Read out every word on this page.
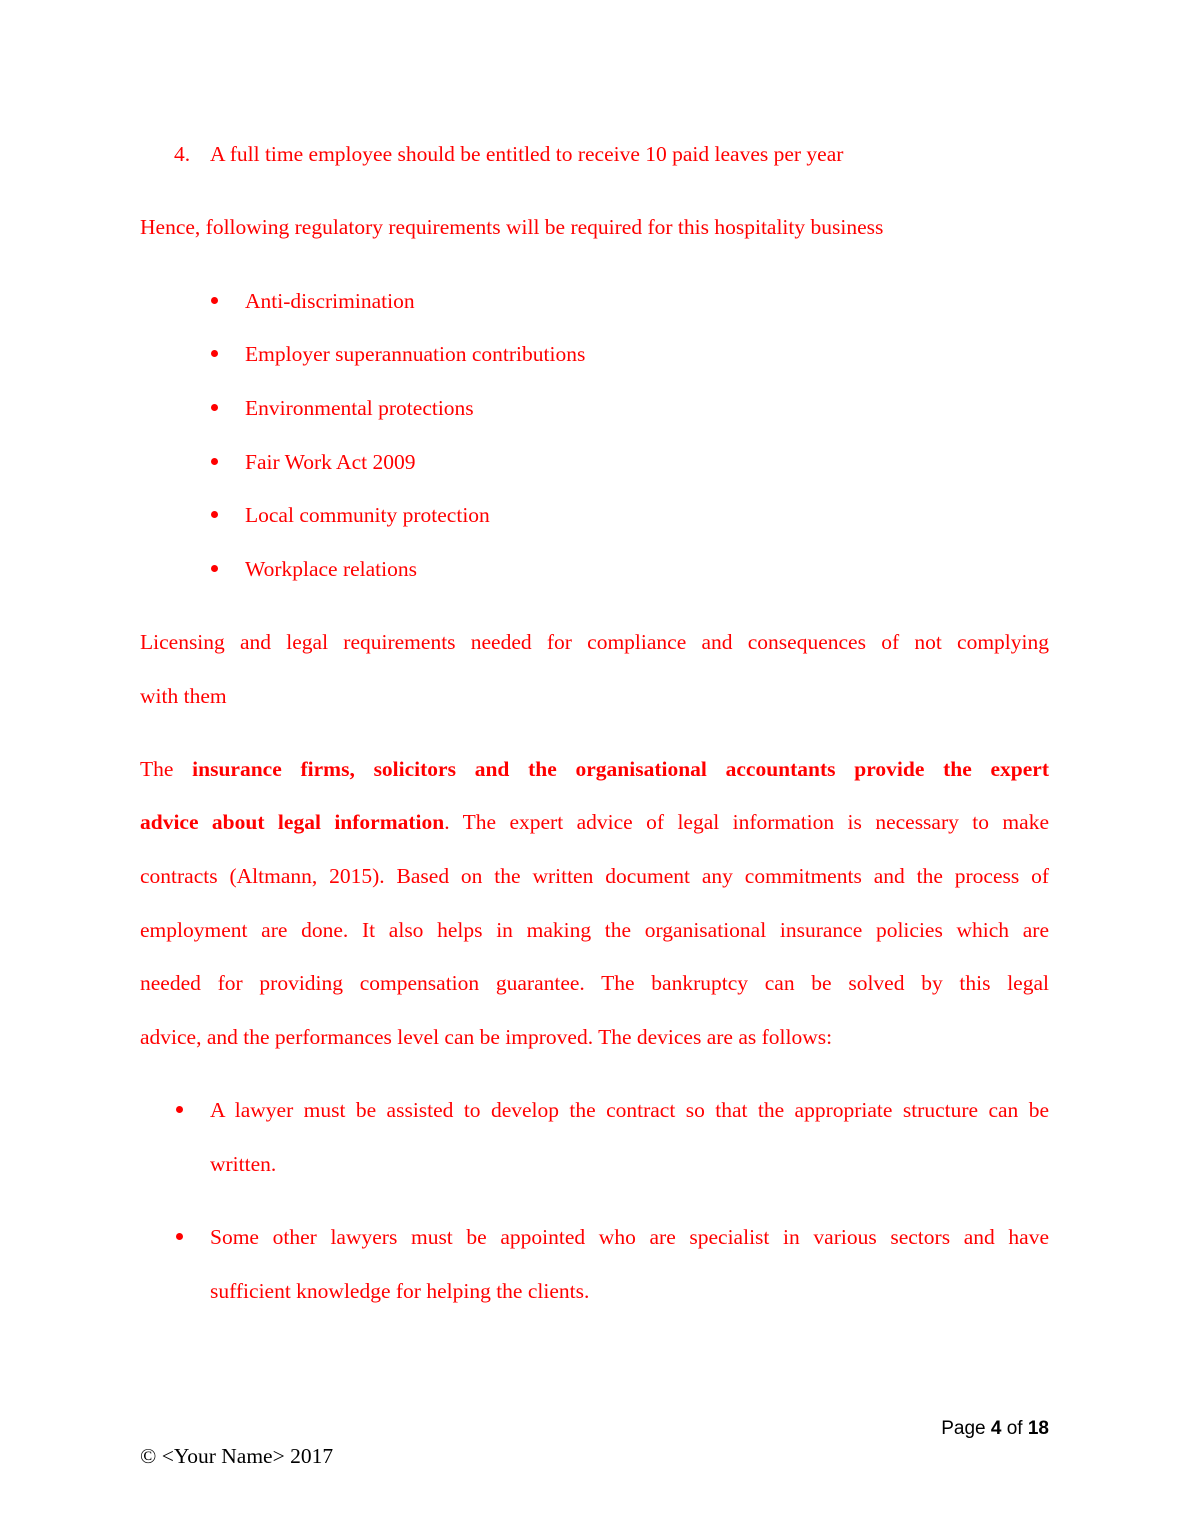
4. A full time employee should be entitled to receive 10 paid leaves per year
Hence, following regulatory requirements will be required for this hospitality business
Anti-discrimination
Employer superannuation contributions
Environmental protections
Fair Work Act 2009
Local community protection
Workplace relations
Licensing and legal requirements needed for compliance and consequences of not complying
with them
The insurance firms, solicitors and the organisational accountants provide the expert
advice about legal information. The expert advice of legal information is necessary to make
contracts (Altmann, 2015). Based on the written document any commitments and the process of
employment are done. It also helps in making the organisational insurance policies which are
needed for providing compensation guarantee. The bankruptcy can be solved by this legal
advice, and the performances level can be improved. The devices are as follows:
A lawyer must be assisted to develop the contract so that the appropriate structure can be
written.
Some other lawyers must be appointed who are specialist in various sectors and have
sufficient knowledge for helping the clients.
Page 4 of 18
© <Your Name> 2017
